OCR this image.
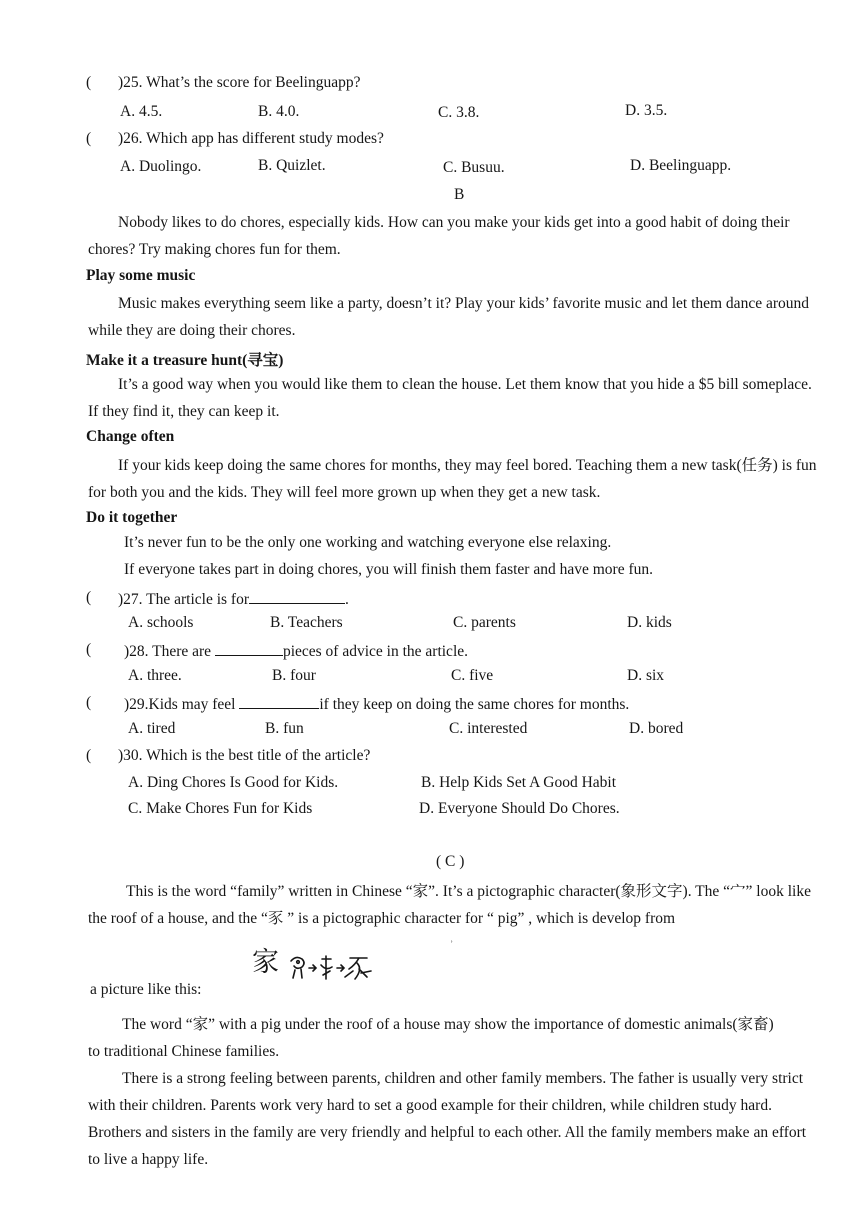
( )25. What’s the score for Beelinguapp?
A. 4.5.	B. 4.0.	C. 3.8.	D. 3.5.
( )26. Which app has different study modes?
A. Duolingo.	B. Quizlet.	C. Busuu.	D. Beelinguapp.
B
Nobody likes to do chores, especially kids. How can you make your kids get into a good habit of doing their chores? Try making chores fun for them.
Play some music
Music makes everything seem like a party, doesn’t it? Play your kids’ favorite music and let them dance around while they are doing their chores.
Make it a treasure hunt(寻宝)
It’s a good way when you would like them to clean the house. Let them know that you hide a $5 bill someplace. If they find it, they can keep it.
Change often
If your kids keep doing the same chores for months, they may feel bored. Teaching them a new task(任务) is fun for both you and the kids. They will feel more grown up when they get a new task.
Do it together
It’s never fun to be the only one working and watching everyone else relaxing.
If everyone takes part in doing chores, you will finish them faster and have more fun.
( )27. The article is for	.
A. schools	B. Teachers	C. parents	D. kids
( )28. There are	pieces of advice in the article.
A. three.	B. four	C. five	D. six
( )29.Kids may feel	if they keep on doing the same chores for months.
A. tired	B. fun	C. interested	D. bored
( )30. Which is the best title of the article?
A. Ding Chores Is Good for Kids.	B. Help Kids Set A Good Habit
C. Make Chores Fun for Kids	D. Everyone Should Do Chores.
( C )
This is the word “family” written in Chinese “家”. It’s a pictographic character(象形文字). The “宀” look like the roof of a house, and the “豕 ” is a pictographic character for “ pig” , which is develop from
家
˒
a picture like this:
The word “家” with a pig under the roof of a house may show the importance of domestic animals(家畜) to traditional Chinese families.
There is a strong feeling between parents, children and other family members. The father is usually very strict with their children. Parents work very hard to set a good example for their children, while children study hard. Brothers and sisters in the family are very friendly and helpful to each other. All the family members make an effort to live a happy life.
